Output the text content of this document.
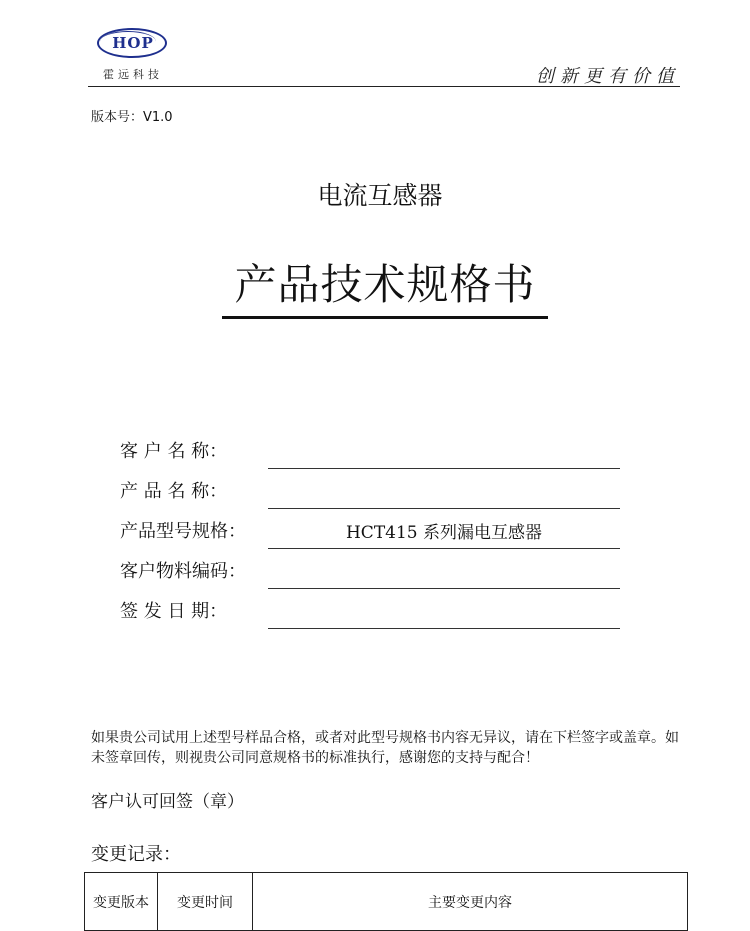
HOP
霍远科技	创新更有价值
版本号：V1.0
电流互感器
产品技术规格书
客 户 名 称：
产 品 名 称：
产品型号规格：	HCT415 系列漏电互感器
客户物料编码：
签 发 日 期：
如果贵公司试用上述型号样品合格，或者对此型号规格书内容无异议，请在下栏签字或盖章。如未签章回传，则视贵公司同意规格书的标准执行，感谢您的支持与配合！
客户认可回签（章）
变更记录：
变更版本	变更时间	主要变更内容
